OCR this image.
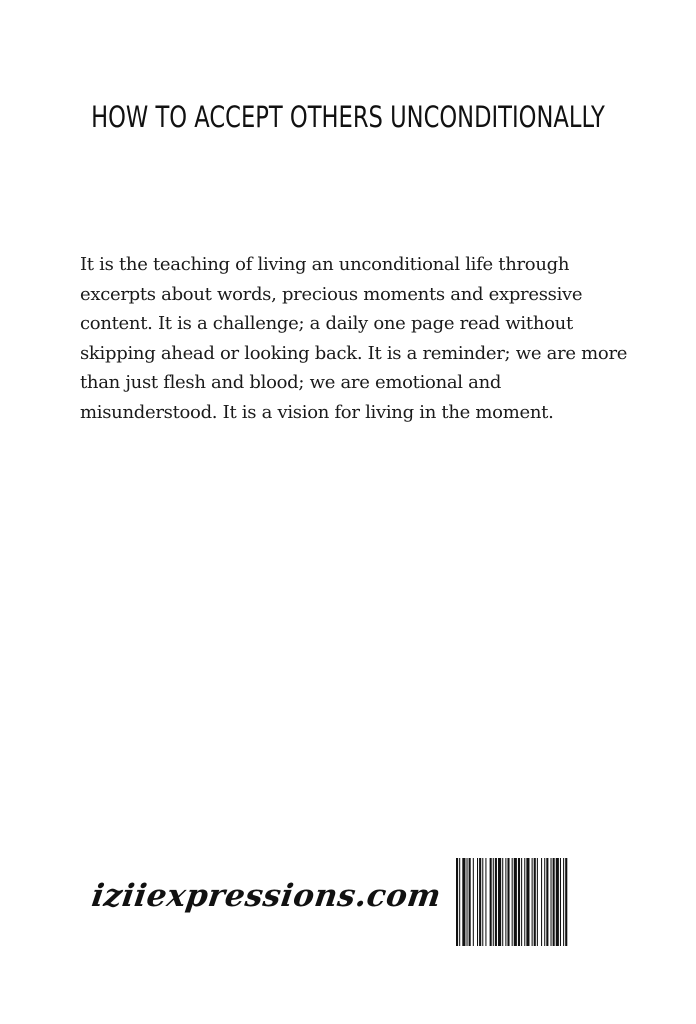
HOW TO ACCEPT OTHERS UNCONDITIONALLY

It is the teaching of living an unconditional life through
excerpts about words, precious moments and expressive
content. It is a challenge; a daily one page read without
skipping ahead or looking back. It is a reminder; we are more
than just flesh and blood; we are emotional and
misunderstood. It is a vision for living in the moment.

iziiexpressions.com
